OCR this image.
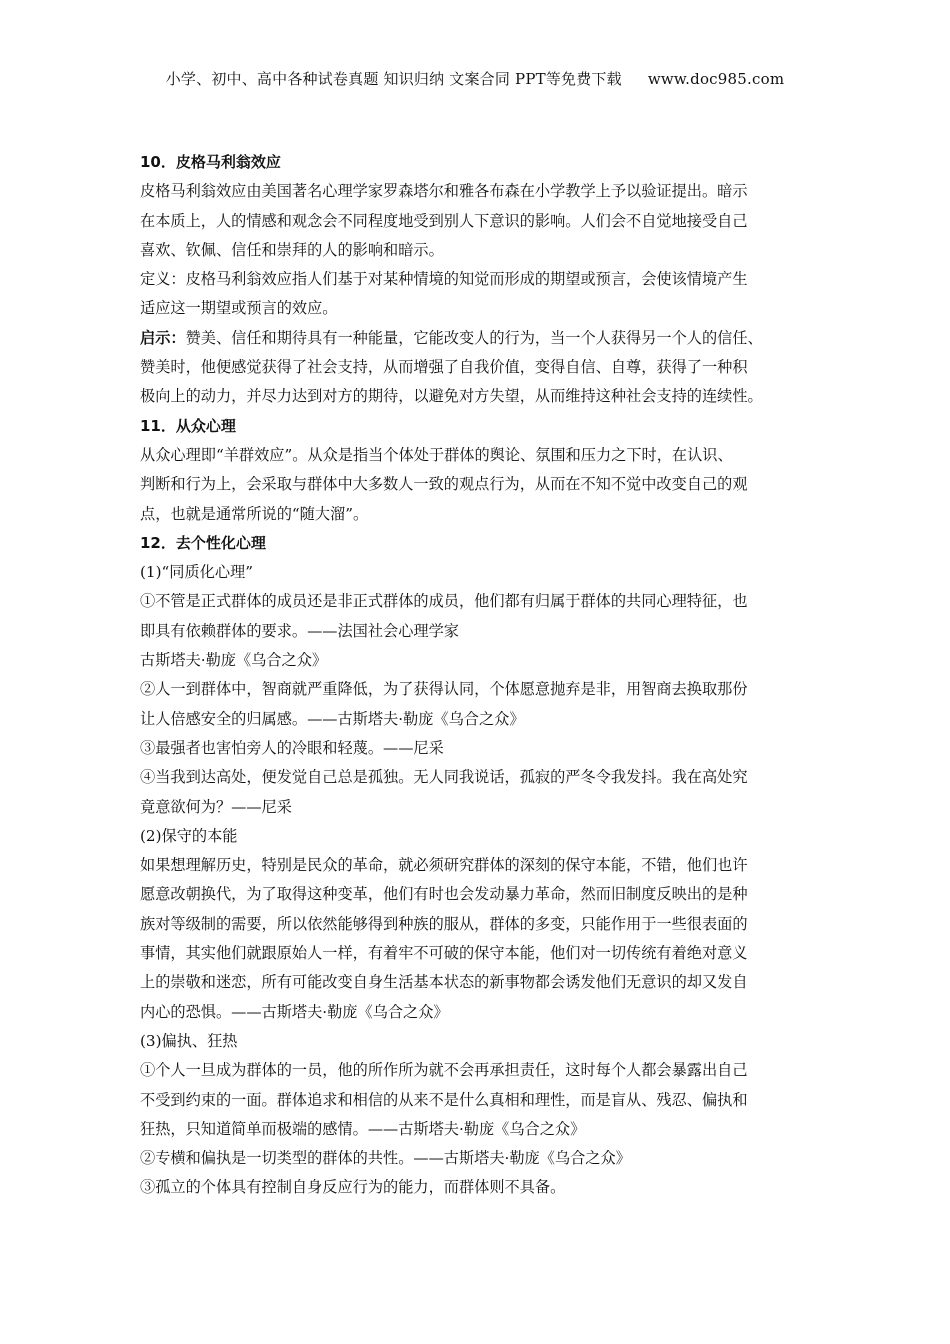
小学、初中、高中各种试卷真题 知识归纳 文案合同 PPT等免费下载 www.doc985.com
10．皮格马利翁效应
皮格马利翁效应由美国著名心理学家罗森塔尔和雅各布森在小学教学上予以验证提出。暗示
在本质上，人的情感和观念会不同程度地受到别人下意识的影响。人们会不自觉地接受自己
喜欢、钦佩、信任和崇拜的人的影响和暗示。
定义：皮格马利翁效应指人们基于对某种情境的知觉而形成的期望或预言，会使该情境产生
适应这一期望或预言的效应。
启示：赞美、信任和期待具有一种能量，它能改变人的行为，当一个人获得另一个人的信任、
赞美时，他便感觉获得了社会支持，从而增强了自我价值，变得自信、自尊，获得了一种积
极向上的动力，并尽力达到对方的期待，以避免对方失望，从而维持这种社会支持的连续性。
11．从众心理
从众心理即“羊群效应”。从众是指当个体处于群体的舆论、氛围和压力之下时，在认识、
判断和行为上，会采取与群体中大多数人一致的观点行为，从而在不知不觉中改变自己的观
点，也就是通常所说的“随大溜”。
12．去个性化心理
(1)“同质化心理”
①不管是正式群体的成员还是非正式群体的成员，他们都有归属于群体的共同心理特征，也
即具有依赖群体的要求。——法国社会心理学家
古斯塔夫·勒庞《乌合之众》
②人一到群体中，智商就严重降低，为了获得认同，个体愿意抛弃是非，用智商去换取那份
让人倍感安全的归属感。——古斯塔夫·勒庞《乌合之众》
③最强者也害怕旁人的冷眼和轻蔑。——尼采
④当我到达高处，便发觉自己总是孤独。无人同我说话，孤寂的严冬令我发抖。我在高处究
竟意欲何为？——尼采
(2)保守的本能
如果想理解历史，特别是民众的革命，就必须研究群体的深刻的保守本能，不错，他们也许
愿意改朝换代，为了取得这种变革，他们有时也会发动暴力革命，然而旧制度反映出的是种
族对等级制的需要，所以依然能够得到种族的服从，群体的多变，只能作用于一些很表面的
事情，其实他们就跟原始人一样，有着牢不可破的保守本能，他们对一切传统有着绝对意义
上的崇敬和迷恋，所有可能改变自身生活基本状态的新事物都会诱发他们无意识的却又发自
内心的恐惧。——古斯塔夫·勒庞《乌合之众》
(3)偏执、狂热
①个人一旦成为群体的一员，他的所作所为就不会再承担责任，这时每个人都会暴露出自己
不受到约束的一面。群体追求和相信的从来不是什么真相和理性，而是盲从、残忍、偏执和
狂热，只知道简单而极端的感情。——古斯塔夫·勒庞《乌合之众》
②专横和偏执是一切类型的群体的共性。——古斯塔夫·勒庞《乌合之众》
③孤立的个体具有控制自身反应行为的能力，而群体则不具备。
